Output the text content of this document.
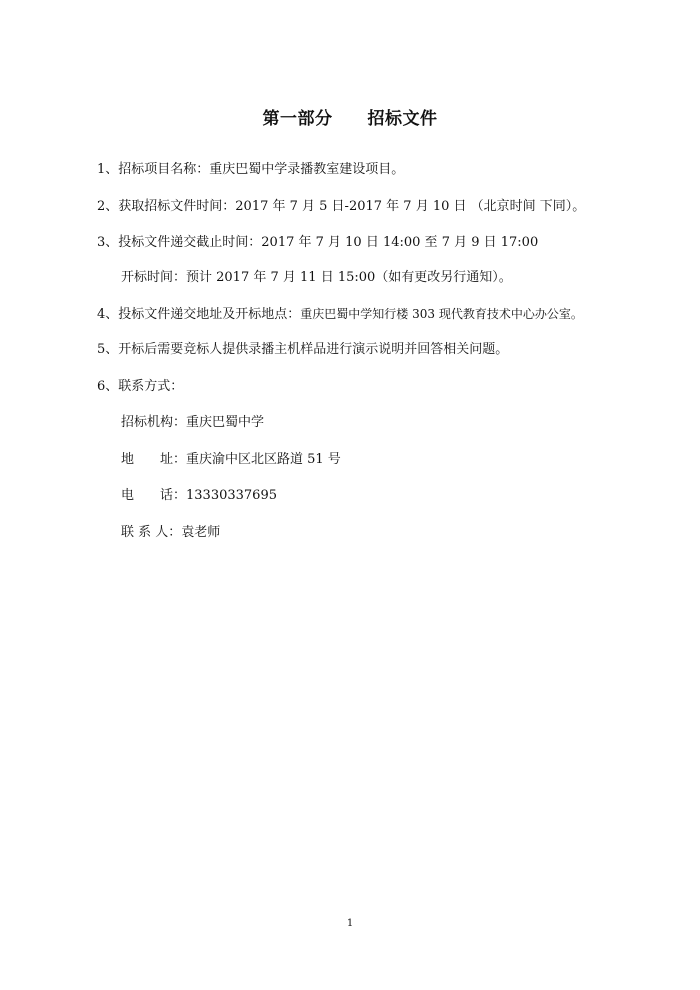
第一部分　　招标文件
1、招标项目名称：重庆巴蜀中学录播教室建设项目。
2、获取招标文件时间：2017 年 7 月 5 日-2017 年 7 月 10 日 （北京时间 下同）。
3、投标文件递交截止时间：2017 年 7 月 10 日 14:00 至 7 月 9 日 17:00
开标时间：预计 2017 年 7 月 11 日 15:00（如有更改另行通知）。
4、投标文件递交地址及开标地点：重庆巴蜀中学知行楼 303 现代教育技术中心办公室。
5、开标后需要竞标人提供录播主机样品进行演示说明并回答相关问题。
6、联系方式：
招标机构：重庆巴蜀中学
地　　址：重庆渝中区北区路道 51 号
电　　话：13330337695
联 系 人：袁老师
1
